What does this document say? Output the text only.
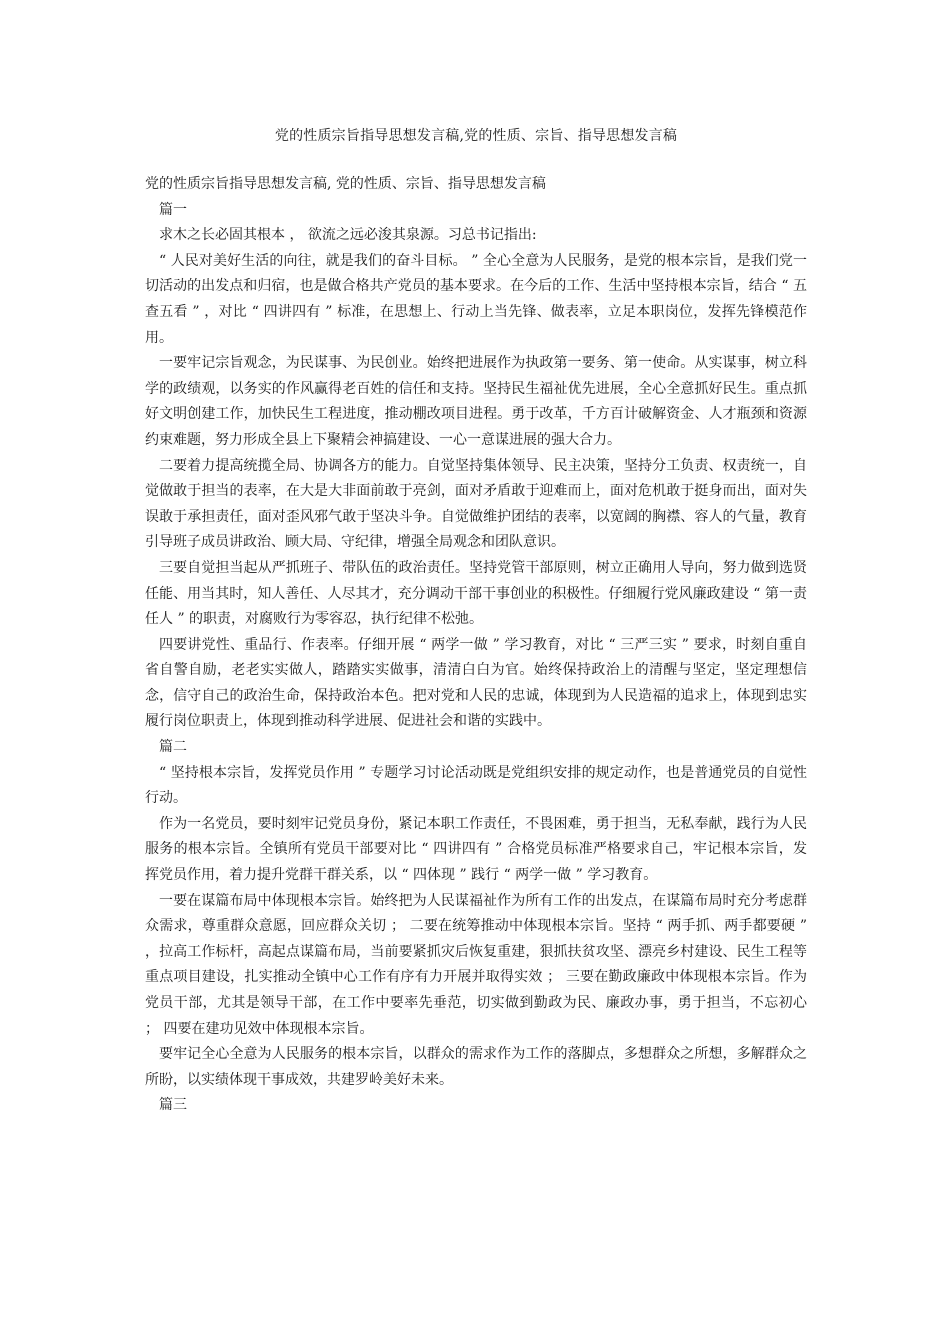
党的性质宗旨指导思想发言稿,党的性质、宗旨、指导思想发言稿

党的性质宗旨指导思想发言稿, 党的性质、宗旨、指导思想发言稿

篇一

求木之长必固其根本 ， 欲流之远必浚其泉源。习总书记指出:

“ 人民对美好生活的向往，就是我们的奋斗目标。 ” 全心全意为人民服务，是党的根本宗旨，是我们党一切活动的出发点和归宿，也是做合格共产党员的基本要求。在今后的工作、生活中坚持根本宗旨，结合 “ 五查五看 ” ，对比 “ 四讲四有 ” 标准，在思想上、行动上当先锋、做表率，立足本职岗位，发挥先锋模范作用。

一要牢记宗旨观念，为民谋事、为民创业。始终把进展作为执政第一要务、第一使命。从实谋事，树立科学的政绩观，以务实的作风赢得老百姓的信任和支持。坚持民生福祉优先进展，全心全意抓好民生。重点抓好文明创建工作，加快民生工程进度，推动棚改项目进程。勇于改革，千方百计破解资金、人才瓶颈和资源约束难题，努力形成全县上下聚精会神搞建设、一心一意谋进展的强大合力。

二要着力提高统揽全局、协调各方的能力。自觉坚持集体领导、民主决策，坚持分工负责、权责统一，自觉做敢于担当的表率，在大是大非面前敢于亮剑，面对矛盾敢于迎难而上，面对危机敢于挺身而出，面对失误敢于承担责任，面对歪风邪气敢于坚决斗争。自觉做维护团结的表率，以宽阔的胸襟、容人的气量，教育引导班子成员讲政治、顾大局、守纪律，增强全局观念和团队意识。

三要自觉担当起从严抓班子、带队伍的政治责任。坚持党管干部原则，树立正确用人导向，努力做到选贤任能、用当其时，知人善任、人尽其才，充分调动干部干事创业的积极性。仔细履行党风廉政建设 “ 第一责任人 ” 的职责，对腐败行为零容忍，执行纪律不松弛。

四要讲党性、重品行、作表率。仔细开展 “ 两学一做 ” 学习教育，对比 “ 三严三实 ” 要求，时刻自重自省自警自励，老老实实做人，踏踏实实做事，清清白白为官。始终保持政治上的清醒与坚定，坚定理想信念，信守自己的政治生命，保持政治本色。把对党和人民的忠诚，体现到为人民造福的追求上，体现到忠实履行岗位职责上，体现到推动科学进展、促进社会和谐的实践中。

篇二

“ 坚持根本宗旨，发挥党员作用 ” 专题学习讨论活动既是党组织安排的规定动作，也是普通党员的自觉性行动。

作为一名党员，要时刻牢记党员身份，紧记本职工作责任，不畏困难，勇于担当，无私奉献，践行为人民服务的根本宗旨。全镇所有党员干部要对比 “ 四讲四有 ” 合格党员标准严格要求自己，牢记根本宗旨，发挥党员作用，着力提升党群干群关系，以 “ 四体现 ” 践行 “ 两学一做 ” 学习教育。

一要在谋篇布局中体现根本宗旨。始终把为人民谋福祉作为所有工作的出发点，在谋篇布局时充分考虑群众需求，尊重群众意愿，回应群众关切 ； 二要在统筹推动中体现根本宗旨。坚持 “ 两手抓、两手都要硬 ” ，拉高工作标杆，高起点谋篇布局，当前要紧抓灾后恢复重建，狠抓扶贫攻坚、漂亮乡村建设、民生工程等重点项目建设，扎实推动全镇中心工作有序有力开展并取得实效 ； 三要在勤政廉政中体现根本宗旨。作为党员干部，尤其是领导干部，在工作中要率先垂范，切实做到勤政为民、廉政办事，勇于担当，不忘初心 ； 四要在建功见效中体现根本宗旨。

要牢记全心全意为人民服务的根本宗旨，以群众的需求作为工作的落脚点，多想群众之所想，多解群众之所盼，以实绩体现干事成效，共建罗岭美好未来。

篇三
